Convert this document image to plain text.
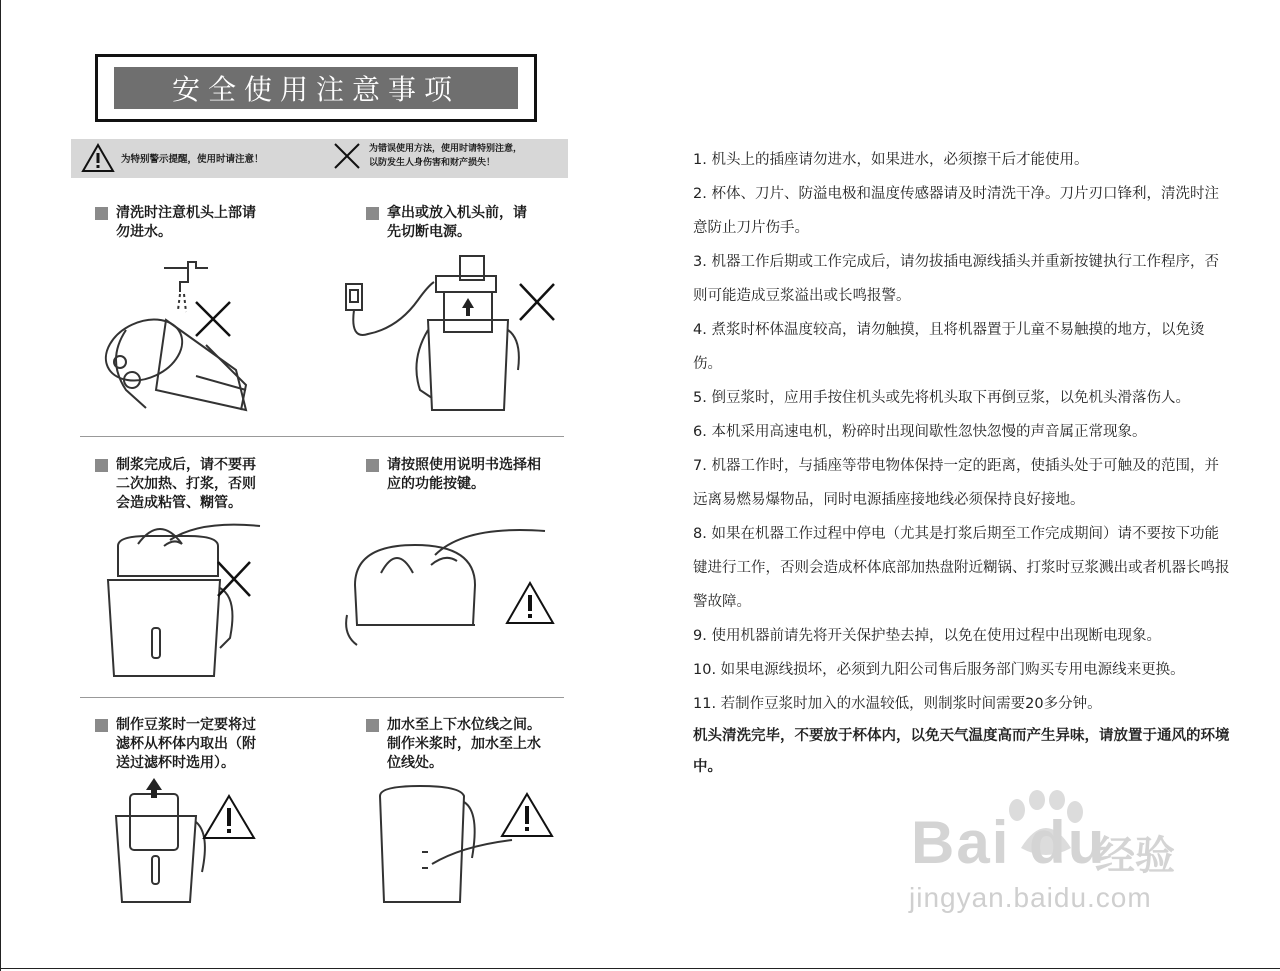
安全使用注意事项
为特别警示提醒，使用时请注意！
为错误使用方法，使用时请特别注意，
以防发生人身伤害和财产损失！
清洗时注意机头上部请
勿进水。
拿出或放入机头前，请
先切断电源。
制浆完成后，请不要再
二次加热、打浆，否则
会造成粘管、糊管。
请按照使用说明书选择相
应的功能按键。
制作豆浆时一定要将过
滤杯从杯体内取出（附
送过滤杯时选用）。
加水至上下水位线之间。
制作米浆时，加水至上水
位线处。

1. 机头上的插座请勿进水，如果进水，必须擦干后才能使用。

2. 杯体、刀片、防溢电极和温度传感器请及时清洗干净。刀片刃口锋利，清洗时注意防止刀片伤手。

3. 机器工作后期或工作完成后，请勿拔插电源线插头并重新按键执行工作程序，否则可能造成豆浆溢出或长鸣报警。

4. 煮浆时杯体温度较高，请勿触摸，且将机器置于儿童不易触摸的地方，以免烫伤。

5. 倒豆浆时，应用手按住机头或先将机头取下再倒豆浆，以免机头滑落伤人。

6. 本机采用高速电机，粉碎时出现间歇性忽快忽慢的声音属正常现象。

7. 机器工作时，与插座等带电物体保持一定的距离，使插头处于可触及的范围，并远离易燃易爆物品，同时电源插座接地线必须保持良好接地。

8. 如果在机器工作过程中停电（尤其是打浆后期至工作完成期间）请不要按下功能键进行工作，否则会造成杯体底部加热盘附近糊锅、打浆时豆浆溅出或者机器长鸣报警故障。

9. 使用机器前请先将开关保护垫去掉，以免在使用过程中出现断电现象。

10. 如果电源线损坏，必须到九阳公司售后服务部门购买专用电源线来更换。

11. 若制作豆浆时加入的水温较低，则制浆时间需要20多分钟。

机头清洗完毕，不要放于杯体内，以免天气温度高而产生异味，请放置于通风的环境中。

Bai du
经验
jingyan.baidu.com
